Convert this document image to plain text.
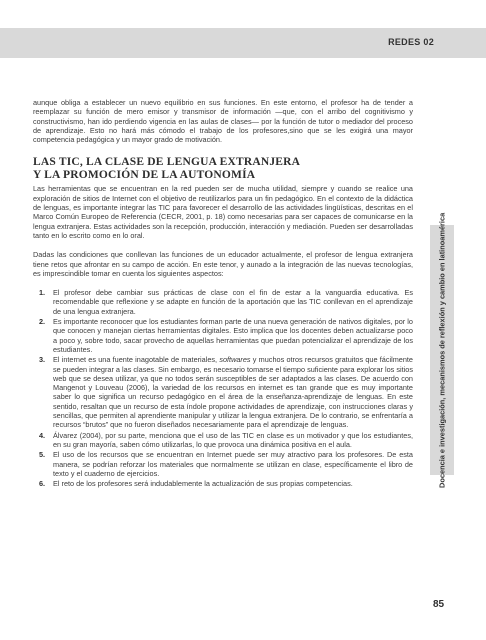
REDES 02
Docencia e investigación, mecanismos de reflexión y cambio en latinoamérica

aunque obliga a establecer un nuevo equilibrio en sus funciones. En este entorno, el profesor ha de tender a reemplazar su función de mero emisor y transmisor de información —que, con el arribo del cognitivismo y constructivismo, han ido perdiendo vigencia en las aulas de clases— por la función de tutor o mediador del proceso de aprendizaje. Esto no hará más cómodo el trabajo de los profesores,sino que se les exigirá una mayor competencia pedagógica y un mayor grado de motivación.

LAS TIC, LA CLASE DE LENGUA EXTRANJERA
Y LA PROMOCIÓN DE LA AUTONOMÍA

Las herramientas que se encuentran en la red pueden ser de mucha utilidad, siempre y cuando se realice una exploración de sitios de Internet con el objetivo de reutilizarlos para un fin pedagógico. En el contexto de la didáctica de lenguas, es importante integrar las TIC para favorecer el desarrollo de las actividades lingüísticas, descritas en el Marco Común Europeo de Referencia (CECR, 2001, p. 18) como necesarias para ser capaces de comunicarse en la lengua extranjera. Estas actividades son la recepción, producción, interacción y mediación. Pueden ser desarrolladas tanto en lo escrito como en lo oral.

Dadas las condiciones que conllevan las funciones de un educador actualmente, el profesor de lengua extranjera tiene retos que afrontar en su campo de acción. En este tenor, y aunado a la integración de las nuevas tecnologías, es imprescindible tomar en cuenta los siguientes aspectos:

1. El profesor debe cambiar sus prácticas de clase con el fin de estar a la vanguardia educativa. Es recomendable que reflexione y se adapte en función de la aportación que las TIC conllevan en el aprendizaje de una lengua extranjera.
2. Es importante reconocer que los estudiantes forman parte de una nueva generación de nativos digitales, por lo que conocen y manejan ciertas herramientas digitales. Esto implica que los docentes deben actualizarse poco a poco y, sobre todo, sacar provecho de aquellas herramientas que puedan potencializar el aprendizaje de los estudiantes.
3. El internet es una fuente inagotable de materiales, softwares y muchos otros recursos gratuitos que fácilmente se pueden integrar a las clases. Sin embargo, es necesario tomarse el tiempo suficiente para explorar los sitios web que se desea utilizar, ya que no todos serán susceptibles de ser adaptados a las clases. De acuerdo con Mangenot y Louveau (2006), la variedad de los recursos en internet es tan grande que es muy importante saber lo que significa un recurso pedagógico en el área de la enseñanza-aprendizaje de lenguas. En este sentido, resaltan que un recurso de esta índole propone actividades de aprendizaje, con instrucciones claras y sencillas, que permiten al aprendiente manipular y utilizar la lengua extranjera. De lo contrario, se enfrentaría a recursos “brutos” que no fueron diseñados necesariamente para el aprendizaje de lenguas.
4. Álvarez (2004), por su parte, menciona que el uso de las TIC en clase es un motivador y que los estudiantes, en su gran mayoría, saben cómo utilizarlas, lo que provoca una dinámica positiva en el aula.
5. El uso de los recursos que se encuentran en Internet puede ser muy atractivo para los profesores. De esta manera, se podrían reforzar los materiales que normalmente se utilizan en clase, específicamente el libro de texto y el cuaderno de ejercicios.
6. El reto de los profesores será indudablemente la actualización de sus propias competencias.
85
